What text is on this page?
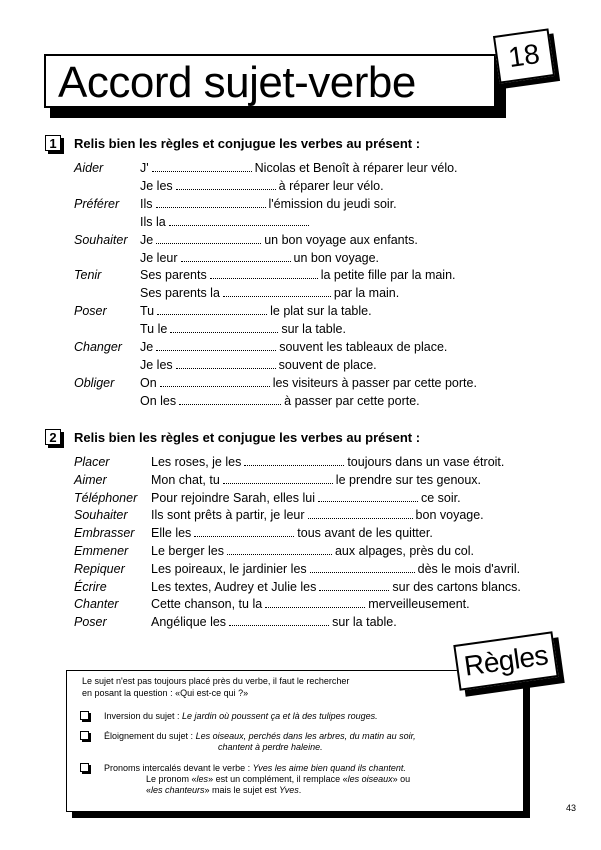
Accord sujet-verbe
18
1	Relis bien les règles et conjugue les verbes au présent :
Aider	J'	Nicolas et Benoît à réparer leur vélo.
Je les	à réparer leur vélo.
Préférer Ils	l'émission du jeudi soir.
Ils la
Souhaiter Je	un bon voyage aux enfants.
Je leur	un bon voyage.
Tenir	Ses parents	la petite fille par la main.
Ses parents la	par la main.
Poser	Tu	le plat sur la table.
Tu le	sur la table.
Changer Je	souvent les tableaux de place.
Je les	souvent de place.
Obliger On	les visiteurs à passer par cette porte.
On les	à passer par cette porte.
2	Relis bien les règles et conjugue les verbes au présent :
Placer	Les roses, je les	toujours dans un vase étroit.
Aimer	Mon chat, tu	le prendre sur tes genoux.
Téléphoner Pour rejoindre Sarah, elles lui	ce soir.
Souhaiter Ils sont prêts à partir, je leur	bon voyage.
Embrasser Elle les	tous avant de les quitter.
Emmener Le berger les	aux alpages, près du col.
Repiquer Les poireaux, le jardinier les	dès le mois d'avril.
Écrire	Les textes, Audrey et Julie les	sur des cartons blancs.
Chanter	Cette chanson, tu la	merveilleusement.
Poser	Angélique les	sur la table.
Règles
Le sujet n'est pas toujours placé près du verbe, il faut le rechercher
en posant la question : «Qui est-ce qui ?»
Inversion du sujet : Le jardin où poussent ça et là des tulipes rouges.
Éloignement du sujet : Les oiseaux, perchés dans les arbres, du matin au soir,
chantent à perdre haleine.
Pronoms intercalés devant le verbe : Yves les aime bien quand ils chantent.
Le pronom «les» est un complément, il remplace «les oiseaux» ou
«les chanteurs» mais le sujet est Yves.
43
